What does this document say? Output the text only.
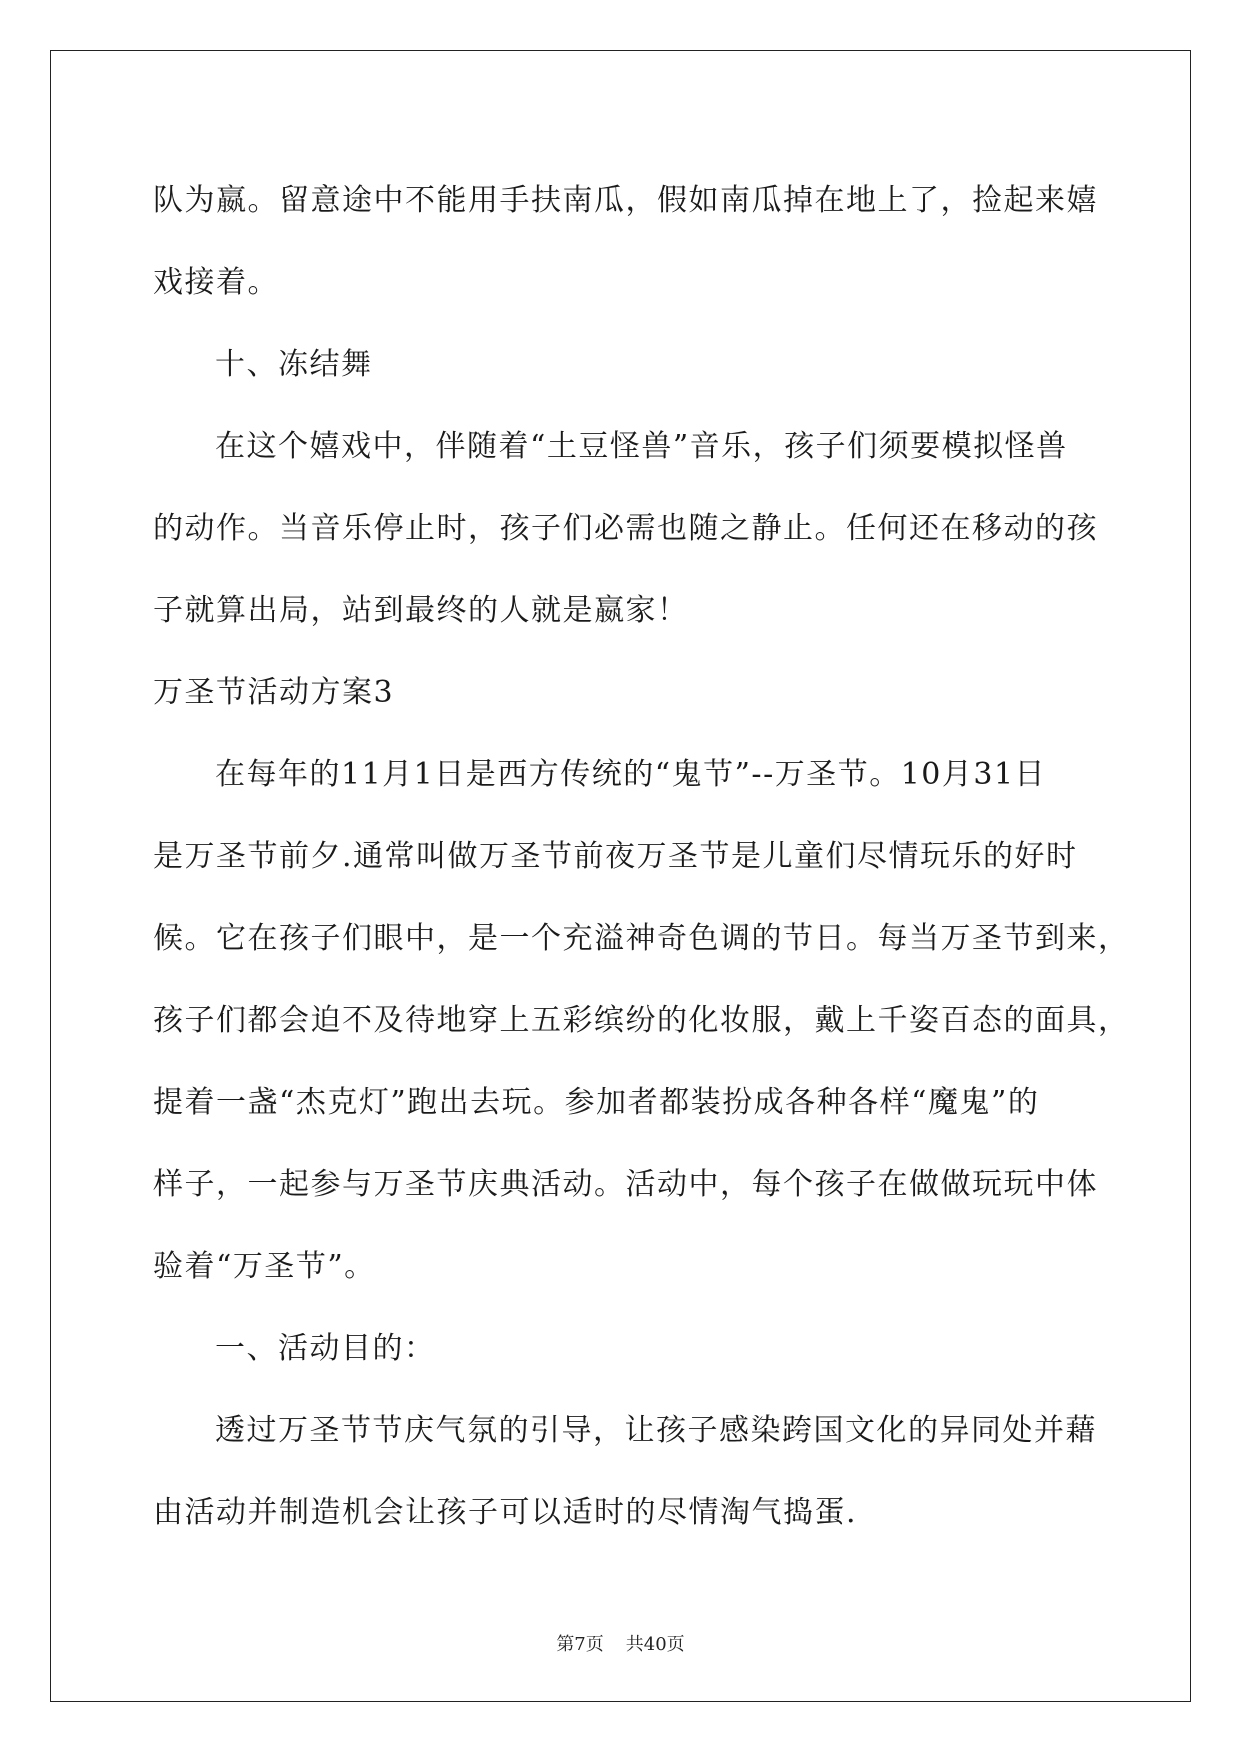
队为嬴。留意途中不能用手扶南瓜，假如南瓜掉在地上了，捡起来嬉
戏接着。
十、冻结舞
在这个嬉戏中，伴随着“土豆怪兽”音乐，孩子们须要模拟怪兽
的动作。当音乐停止时，孩子们必需也随之静止。任何还在移动的孩
子就算出局，站到最终的人就是嬴家！
万圣节活动方案3
在每年的11月1日是西方传统的“鬼节”--万圣节。10月31日
是万圣节前夕.通常叫做万圣节前夜万圣节是儿童们尽情玩乐的好时
候。它在孩子们眼中，是一个充溢神奇色调的节日。每当万圣节到来，
孩子们都会迫不及待地穿上五彩缤纷的化妆服，戴上千姿百态的面具，
提着一盏“杰克灯”跑出去玩。参加者都装扮成各种各样“魔鬼”的
样子，一起参与万圣节庆典活动。活动中，每个孩子在做做玩玩中体
验着“万圣节”。
一、活动目的：
透过万圣节节庆气氛的引导，让孩子感染跨国文化的异同处并藉
由活动并制造机会让孩子可以适时的尽情淘气捣蛋.
第7页 共40页
